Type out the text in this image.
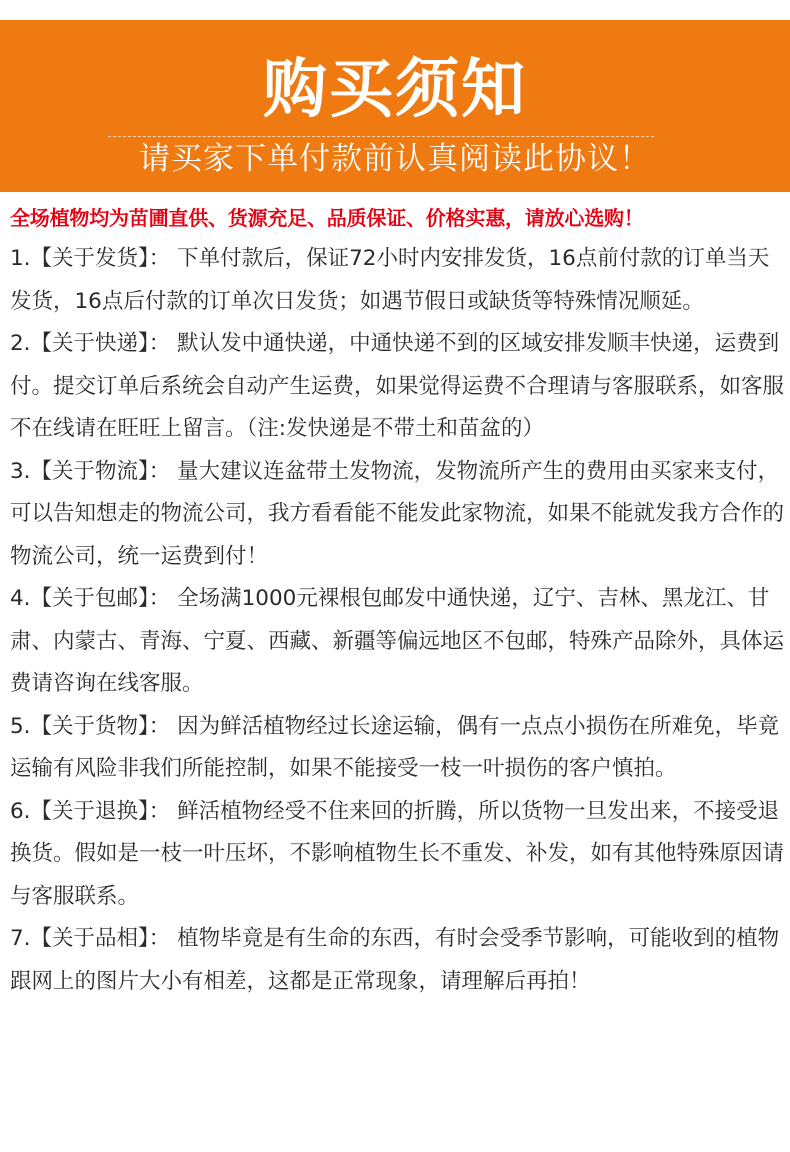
购买须知
请买家下单付款前认真阅读此协议！
全场植物均为苗圃直供、货源充足、品质保证、价格实惠，请放心选购！

1.【关于发货】： 下单付款后，保证72小时内安排发货，16点前付款的订单当天发货，16点后付款的订单次日发货；如遇节假日或缺货等特殊情况顺延。

2.【关于快递】： 默认发中通快递，中通快递不到的区域安排发顺丰快递，运费到付。提交订单后系统会自动产生运费，如果觉得运费不合理请与客服联系，如客服不在线请在旺旺上留言。（注:发快递是不带土和苗盆的）

3.【关于物流】： 量大建议连盆带土发物流，发物流所产生的费用由买家来支付，可以告知想走的物流公司，我方看看能不能发此家物流，如果不能就发我方合作的物流公司，统一运费到付！

4.【关于包邮】： 全场满1000元裸根包邮发中通快递，辽宁、吉林、黑龙江、甘肃、内蒙古、青海、宁夏、西藏、新疆等偏远地区不包邮，特殊产品除外，具体运费请咨询在线客服。

5.【关于货物】： 因为鲜活植物经过长途运输，偶有一点点小损伤在所难免，毕竟运输有风险非我们所能控制，如果不能接受一枝一叶损伤的客户慎拍。

6.【关于退换】： 鲜活植物经受不住来回的折腾，所以货物一旦发出来，不接受退换货。假如是一枝一叶压坏，不影响植物生长不重发、补发，如有其他特殊原因请与客服联系。

7.【关于品相】： 植物毕竟是有生命的东西，有时会受季节影响，可能收到的植物跟网上的图片大小有相差，这都是正常现象，请理解后再拍！
